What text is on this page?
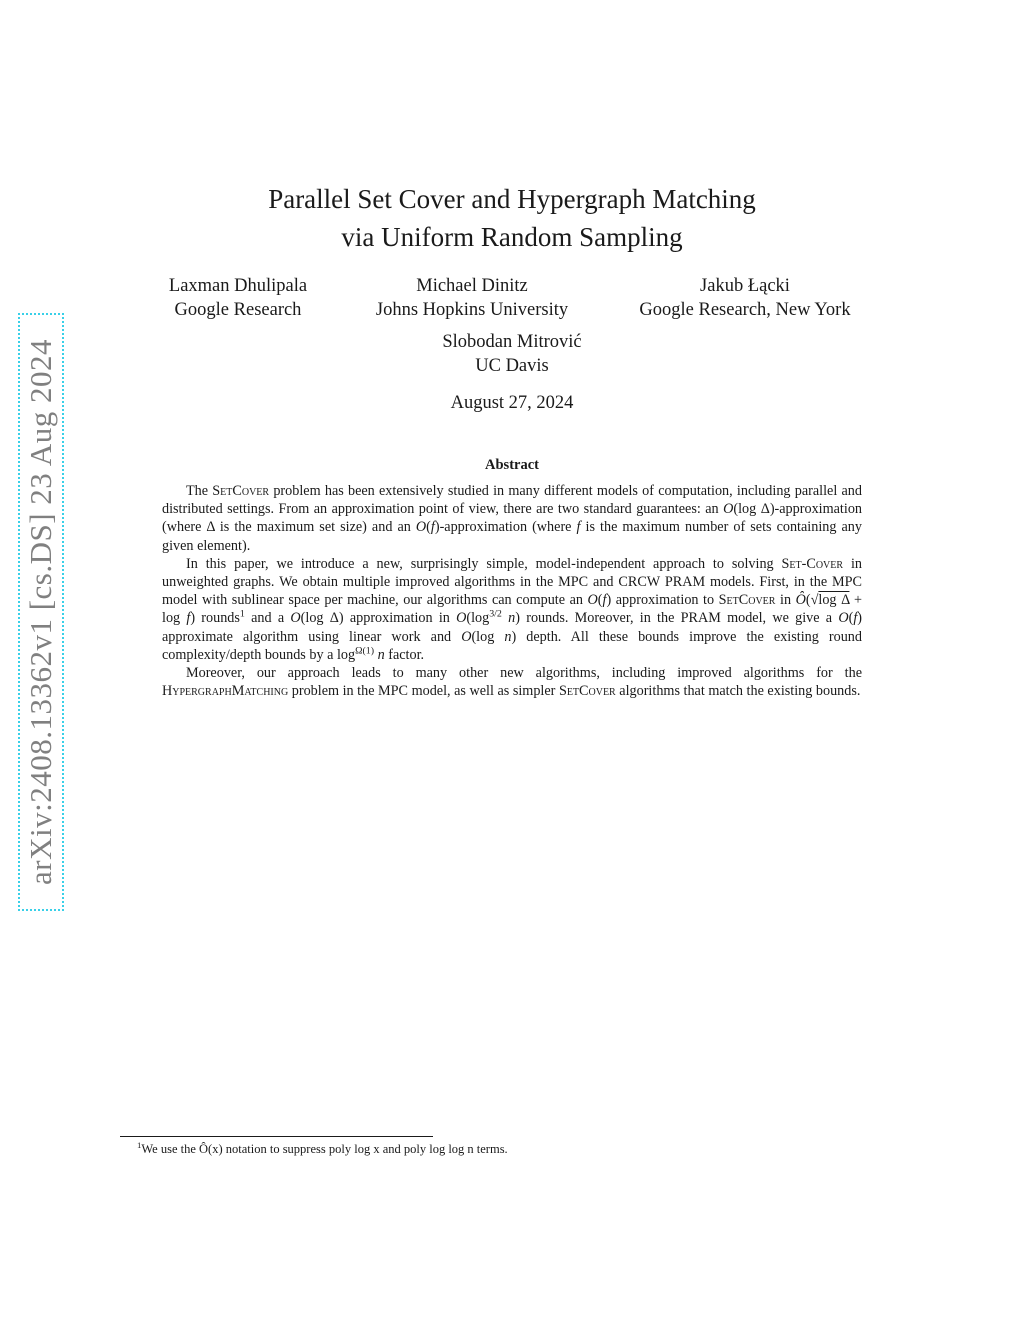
arXiv:2408.13362v1 [cs.DS] 23 Aug 2024
Parallel Set Cover and Hypergraph Matching
via Uniform Random Sampling
Laxman Dhulipala
Google Research
Michael Dinitz
Johns Hopkins University
Jakub Łącki
Google Research, New York
Slobodan Mitrović
UC Davis
August 27, 2024
Abstract

The SetCover problem has been extensively studied in many different models of computation, including parallel and distributed settings. From an approximation point of view, there are two standard guarantees: an O(log Δ)-approximation (where Δ is the maximum set size) and an O(f)-approximation (where f is the maximum number of sets containing any given element).

In this paper, we introduce a new, surprisingly simple, model-independent approach to solving Set-Cover in unweighted graphs. We obtain multiple improved algorithms in the MPC and CRCW PRAM models. First, in the MPC model with sublinear space per machine, our algorithms can compute an O(f) approximation to SetCover in Ô(√log Δ + log f) rounds$^1$ and a O(log Δ) approximation in $O(\log^{3/2}$ n) rounds. Moreover, in the PRAM model, we give a O(f) approximate algorithm using linear work and O(log n) depth. All these bounds improve the existing round complexity/depth bounds by a $\log^{\Omega(1)} n$ factor.

Moreover, our approach leads to many other new algorithms, including improved algorithms for the HypergraphMatching problem in the MPC model, as well as simpler SetCover algorithms that match the existing bounds.

$^1$We use the Ô(x) notation to suppress poly log x and poly log log n terms.
